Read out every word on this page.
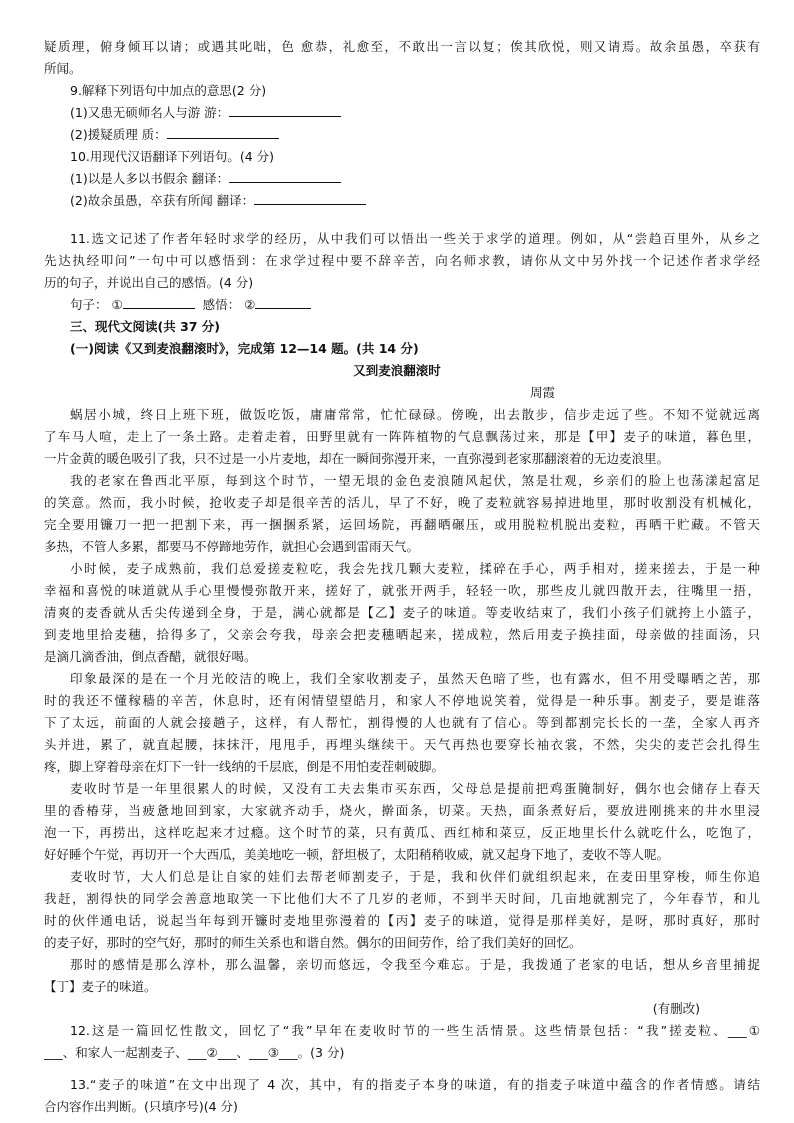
疑质理，俯身倾耳以请；或遇其叱咄，色 愈恭，礼愈至，不敢出一言以复；俟其欣悦，则又请焉。故余虽愚，卒获有
所闻。
9.解释下列语句中加点的意思(2 分)
(1)又患无硕师名人与游 游：
(2)援疑质理 质：
10.用现代汉语翻译下列语句。(4 分)
(1)以是人多以书假余 翻译：
(2)故余虽愚，卒获有所闻 翻译：
11.选文记述了作者年轻时求学的经历，从中我们可以悟出一些关于求学的道理。例如，从“尝趋百里外，从乡之
先达执经叩问”一句中可以感悟到：在求学过程中要不辞辛苦，向名师求教，请你从文中另外找一个记述作者求学经
历的句子，并说出自己的感悟。(4 分)
句子： ①	感悟： ②
三、现代文阅读(共 37 分)
(一)阅读《又到麦浪翻滚时》，完成第 12—14 题。(共 14 分)
又到麦浪翻滚时
周霞
蜗居小城，终日上班下班，做饭吃饭，庸庸常常，忙忙碌碌。傍晚，出去散步，信步走远了些。不知不觉就远离
了车马人喧，走上了一条土路。走着走着，田野里就有一阵阵植物的气息飘荡过来，那是【甲】麦子的味道，暮色里，
一片金黄的暖色吸引了我，只不过是一小片麦地，却在一瞬间弥漫开来，一直弥漫到老家那翻滚着的无边麦浪里。
我的老家在鲁西北平原，每到这个时节，一望无垠的金色麦浪随风起伏，煞是壮观，乡亲们的脸上也荡漾起富足
的笑意。然而，我小时候，抢收麦子却是很辛苦的活儿，早了不好，晚了麦粒就容易掉进地里，那时收割没有机械化，
完全要用镰刀一把一把割下来，再一捆捆系紧，运回场院，再翻晒碾压，或用脱粒机脱出麦粒，再晒干贮藏。不管天
多热，不管人多累，都要马不停蹄地劳作，就担心会遇到雷雨天气。
小时候，麦子成熟前，我们总爱搓麦粒吃，我会先找几颗大麦粒，揉碎在手心，两手相对，搓来搓去，于是一种
幸福和喜悦的味道就从手心里慢慢弥散开来，搓好了，就张开两手，轻轻一吹，那些皮儿就四散开去，往嘴里一捂，
清爽的麦香就从舌尖传递到全身，于是，满心就都是【乙】麦子的味道。等麦收结束了，我们小孩子们就挎上小篮子，
到麦地里拾麦穗，拾得多了，父亲会夸我，母亲会把麦穗晒起来，搓成粒，然后用麦子换挂面，母亲做的挂面汤，只
是滴几滴香油，倒点香醋，就很好喝。
印象最深的是在一个月光皎洁的晚上，我们全家收割麦子，虽然天色暗了些，也有露水，但不用受曝晒之苦，那
时的我还不懂稼穑的辛苦，休息时，还有闲情望望皓月，和家人不停地说笑着，觉得是一种乐事。割麦子，要是谁落
下了太远，前面的人就会接趟子，这样，有人帮忙，割得慢的人也就有了信心。等到都割完长长的一垄，全家人再齐
头并进，累了，就直起腰，抹抹汗，甩甩手，再埋头继续干。天气再热也要穿长袖衣裳，不然，尖尖的麦芒会扎得生
疼，脚上穿着母亲在灯下一针一线纳的千层底，倒是不用怕麦茬刺破脚。
麦收时节是一年里很累人的时候，又没有工夫去集市买东西，父母总是提前把鸡蛋腌制好，偶尔也会储存上春天
里的香椿芽，当疲惫地回到家，大家就齐动手，烧火，擀面条，切菜。天热，面条煮好后，要放进刚挑来的井水里浸
泡一下，再捞出，这样吃起来才过瘾。这个时节的菜，只有黄瓜、西红柿和菜豆，反正地里长什么就吃什么，吃饱了，
好好睡个午觉，再切开一个大西瓜，美美地吃一顿，舒坦极了，太阳稍稍收威，就又起身下地了，麦收不等人呢。
麦收时节，大人们总是让自家的娃们去帮老师割麦子，于是，我和伙伴们就组织起来，在麦田里穿梭，师生你追
我赶，割得快的同学会善意地取笑一下比他们大不了几岁的老师，不到半天时间，几亩地就割完了，今年春节，和儿
时的伙伴通电话，说起当年每到开镰时麦地里弥漫着的【丙】麦子的味道，觉得是那样美好，是呀，那时真好，那时
的麦子好，那时的空气好，那时的师生关系也和谐自然。偶尔的田间劳作，给了我们美好的回忆。
那时的感情是那么淳朴，那么温馨，亲切而悠远，令我至今难忘。于是，我拨通了老家的电话，想从乡音里捕捉
【丁】麦子的味道。
(有删改)
12.这是一篇回忆性散文，回忆了“我”早年在麦收时节的一些生活情景。这些情景包括：“我”搓麦粒、___①
___、和家人一起割麦子、___②___、___③___。(3 分)
13.“麦子的味道”在文中出现了 4 次，其中，有的指麦子本身的味道，有的指麦子味道中蕴含的作者情感。请结
合内容作出判断。(只填序号)(4 分)
